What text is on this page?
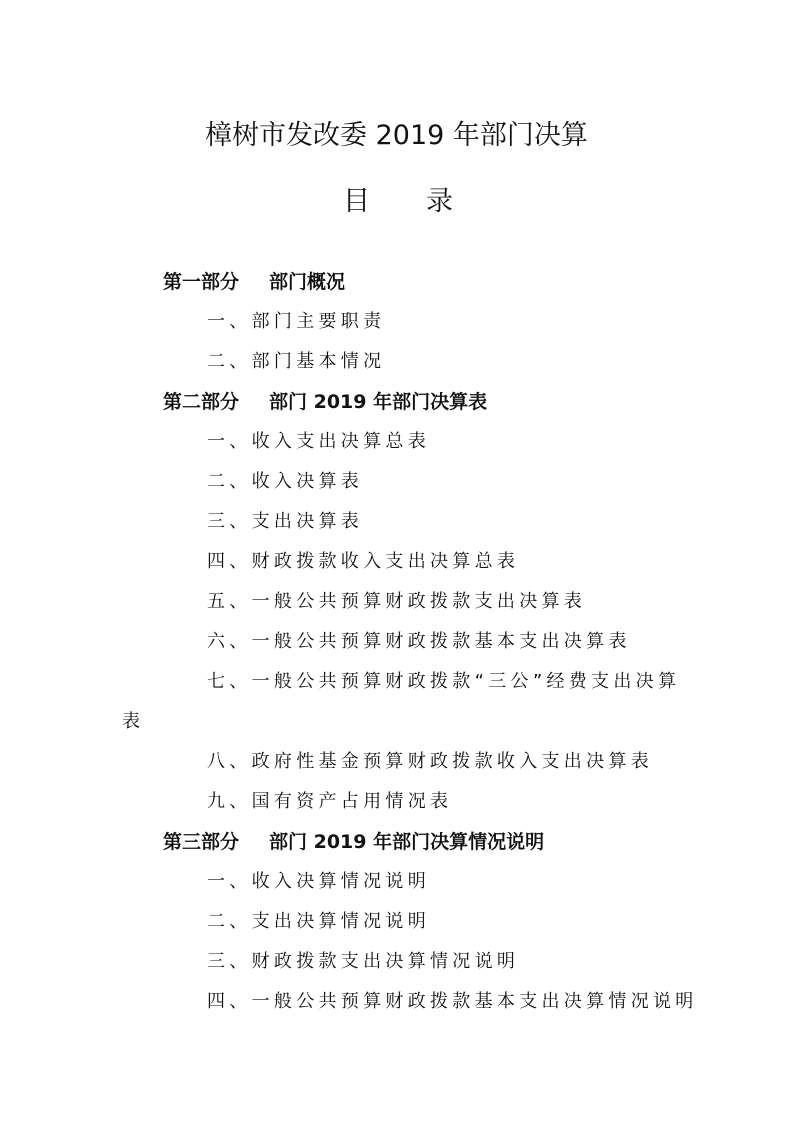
樟树市发改委 2019 年部门决算
目 录
第一部分 部门概况
一、部门主要职责
二、部门基本情况
第二部分 部门 2019 年部门决算表
一、收入支出决算总表
二、收入决算表
三、支出决算表
四、财政拨款收入支出决算总表
五、一般公共预算财政拨款支出决算表
六、一般公共预算财政拨款基本支出决算表
七、一般公共预算财政拨款“三公”经费支出决算
表
八、政府性基金预算财政拨款收入支出决算表
九、国有资产占用情况表
第三部分 部门 2019 年部门决算情况说明
一、收入决算情况说明
二、支出决算情况说明
三、财政拨款支出决算情况说明
四、一般公共预算财政拨款基本支出决算情况说明
